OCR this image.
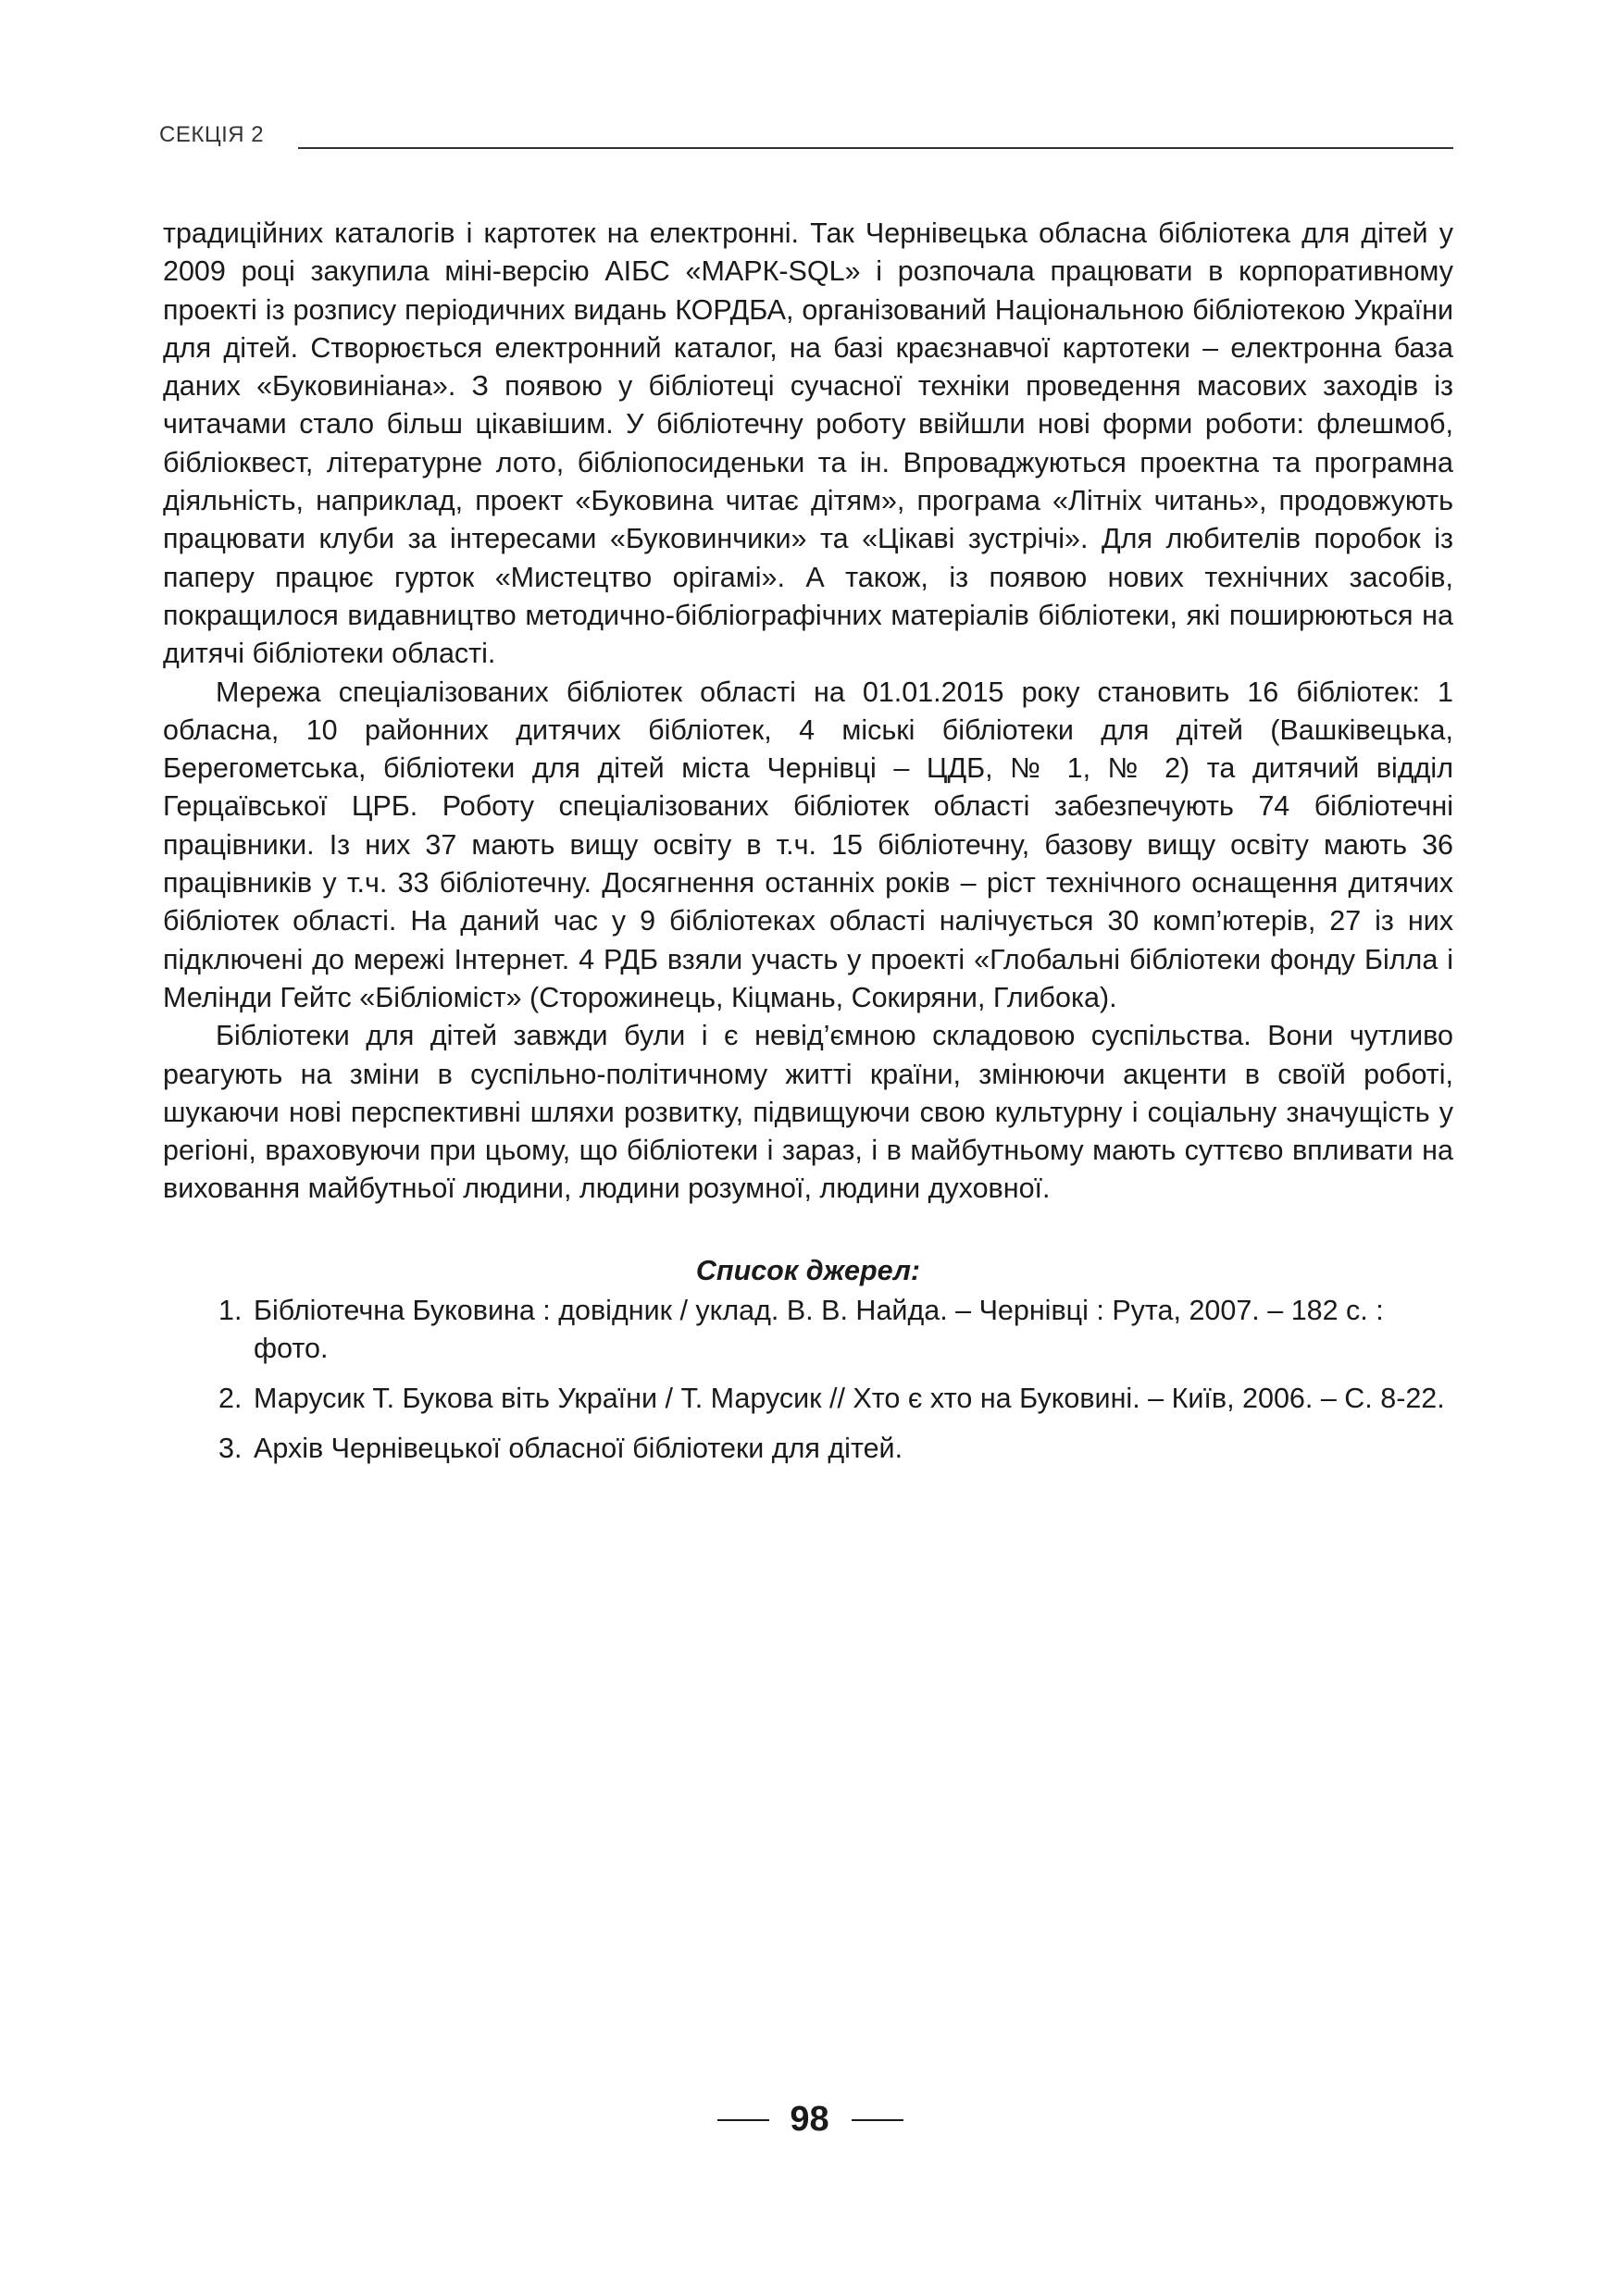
СЕКЦІЯ 2

традиційних каталогів і картотек на електронні. Так Чернівецька обласна бібліотека для дітей у 2009 році закупила міні-версію АІБС «МАРК-SQL» і розпочала працювати в корпоративному проекті із розпису періодичних видань КОРДБА, організований Національною бібліотекою України для дітей. Створюється електронний каталог, на базі краєзнавчої картотеки – електронна база даних «Буковиніана». З появою у бібліотеці сучасної техніки проведення масових заходів із читачами стало більш цікавішим. У бібліотечну роботу ввійшли нові форми роботи: флешмоб, бібліоквест, літературне лото, бібліопосиденьки та ін. Впроваджуються проектна та програмна діяльність, наприклад, проект «Буковина читає дітям», програма «Літніх читань», продовжують працювати клуби за інтересами «Буковинчики» та «Цікаві зустрічі». Для любителів поробок із паперу працює гурток «Мистецтво орігамі». А також, із появою нових технічних засобів, покращилося видавництво методично-бібліографічних матеріалів бібліотеки, які поширюються на дитячі бібліотеки області.

Мережа спеціалізованих бібліотек області на 01.01.2015 року становить 16 бібліотек: 1 обласна, 10 районних дитячих бібліотек, 4 міські бібліотеки для дітей (Вашківецька, Берегометська, бібліотеки для дітей міста Чернівці – ЦДБ, № 1, № 2) та дитячий відділ Герцаївської ЦРБ. Роботу спеціалізованих бібліотек області забезпечують 74 бібліотечні працівники. Із них 37 мають вищу освіту в т.ч. 15 бібліотечну, базову вищу освіту мають 36 працівників у т.ч. 33 бібліотечну. Досягнення останніх років – ріст технічного оснащення дитячих бібліотек області. На даний час у 9 бібліотеках області налічується 30 комп’ютерів, 27 із них підключені до мережі Інтернет. 4 РДБ взяли участь у проекті «Глобальні бібліотеки фонду Білла і Мелінди Гейтс «Бібліоміст» (Сторожинець, Кіцмань, Сокиряни, Глибока).

Бібліотеки для дітей завжди були і є невід’ємною складовою суспільства. Вони чутливо реагують на зміни в суспільно-політичному житті країни, змінюючи акценти в своїй роботі, шукаючи нові перспективні шляхи розвитку, підвищуючи свою культурну і соціальну значущість у регіоні, враховуючи при цьому, що бібліотеки і зараз, і в майбутньому мають суттєво впливати на виховання майбутньої людини, людини розумної, людини духовної.

Список джерел:
1. Бібліотечна Буковина : довідник / уклад. В. В. Найда. – Чернівці : Рута, 2007. – 182 с. : фото.
2. Марусик Т. Букова віть України / Т. Марусик // Хто є хто на Буковині. – Київ, 2006. – С. 8-22.
3. Архів Чернівецької обласної бібліотеки для дітей.
98
